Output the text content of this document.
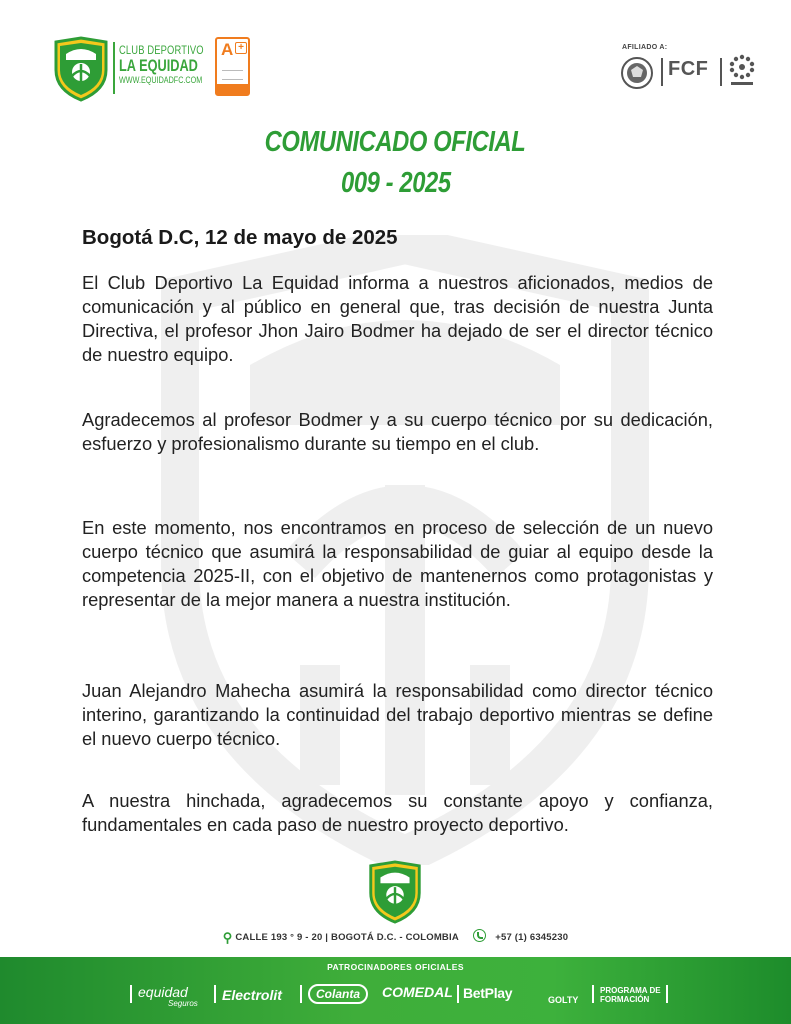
CLUB DEPORTIVO
LA EQUIDAD
WWW.EQUIDADFC.COM
A +	AFILIADO A:
FCF
COMUNICADO OFICIAL
009 - 2025
Bogotá D.C, 12 de mayo de 2025

El Club Deportivo La Equidad informa a nuestros aficionados, medios de comunicación y al público en general que, tras decisión de nuestra Junta Directiva, el profesor Jhon Jairo Bodmer ha dejado de ser el director técnico de nuestro equipo.

Agradecemos al profesor Bodmer y a su cuerpo técnico por su dedicación, esfuerzo y profesionalismo durante su tiempo en el club.

En este momento, nos encontramos en proceso de selección de un nuevo cuerpo técnico que asumirá la responsabilidad de guiar al equipo desde la competencia 2025-II, con el objetivo de mantenernos como protagonistas y representar de la mejor manera a nuestra institución.

Juan Alejandro Mahecha asumirá la responsabilidad como director técnico interino, garantizando la continuidad del trabajo deportivo mientras se define el nuevo cuerpo técnico.

A nuestra hinchada, agradecemos su constante apoyo y confianza, fundamentales en cada paso de nuestro proyecto deportivo.

⚲ CALLE 193 ° 9 - 20 | BOGOTÁ D.C. - COLOMBIA	+57 (1) 6345230
PATROCINADORES OFICIALES
equidad
Seguros
Electrolit	Colanta	COMEDAL BetPlay	GOLTY
PROGRAMA DE
FORMACIÓN
